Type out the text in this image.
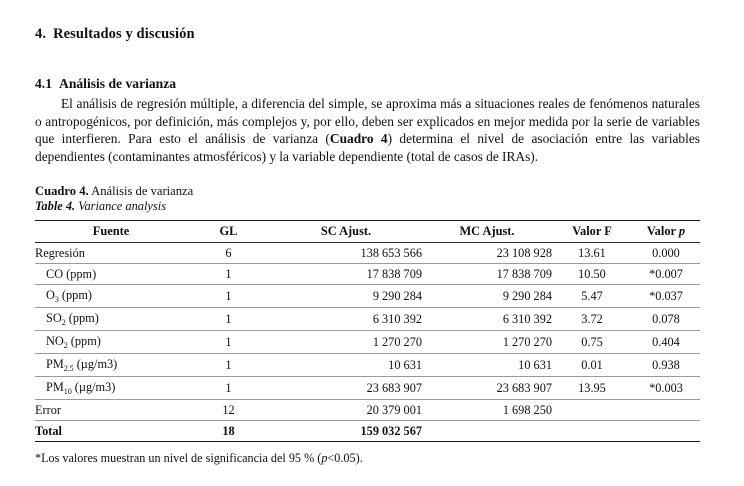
4. Resultados y discusión
4.1 Análisis de varianza

El análisis de regresión múltiple, a diferencia del simple, se aproxima más a situaciones reales de fenómenos naturales o antropogénicos, por definición, más complejos y, por ello, deben ser explicados en mejor medida por la serie de variables que interfieren. Para esto el análisis de varianza (Cuadro 4) determina el nivel de asociación entre las variables dependientes (contaminantes atmosféricos) y la variable dependiente (total de casos de IRAs).

Cuadro 4. Análisis de varianza
Table 4. Variance analysis
Fuente	GL	SC Ajust.	MC Ajust.	Valor F	Valor p
Regresión	6	138 653 566	23 108 928	13.61	0.000
CO (ppm)	1	17 838 709	17 838 709	10.50	*0.007
$O_3$ (ppm)	1	9 290 284	9 290 284	5.47	*0.037
$SO_2$ (ppm)	1	6 310 392	6 310 392	3.72	0.078
$NO_2$ (ppm)	1	1 270 270	1 270 270	0.75	0.404
$PM_{2.5}$ (µg/m3)	1	10 631	10 631	0.01	0.938
$PM_{10}$ (µg/m3)	1	23 683 907	23 683 907	13.95	*0.003
Error	12	20 379 001	1 698 250		
Total	18	159 032 567			
*Los valores muestran un nivel de significancia del 95 % (p<0.05).
